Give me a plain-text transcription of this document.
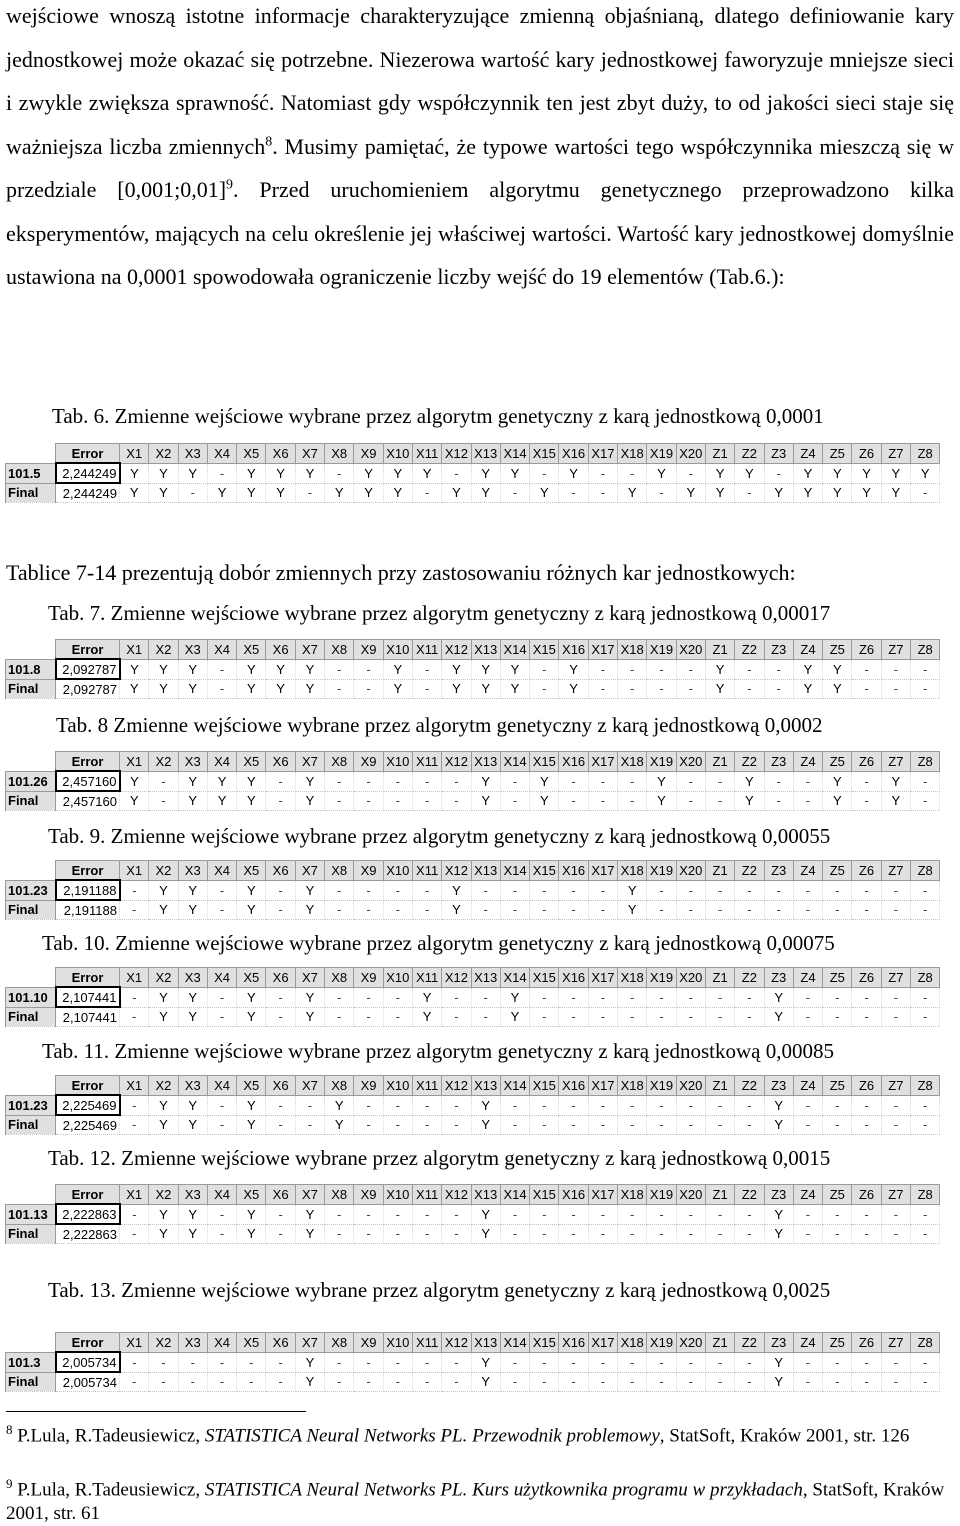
wejściowe wnoszą istotne informacje charakteryzujące zmienną objaśnianą, dlatego definiowanie kary jednostkowej może okazać się potrzebne. Niezerowa wartość kary jednostkowej faworyzuje mniejsze sieci i zwykle zwiększa sprawność. Natomiast gdy współczynnik ten jest zbyt duży, to od jakości sieci staje się ważniejsza liczba zmiennych$^8$. Musimy pamiętać, że typowe wartości tego współczynnika mieszczą się w przedziale [0,001;0,01]$^9$. Przed uruchomieniem algorytmu genetycznego przeprowadzono kilka eksperymentów, mających na celu określenie jej właściwej wartości. Wartość kary jednostkowej domyślnie ustawiona na 0,0001 spowodowała ograniczenie liczby wejść do 19 elementów (Tab.6.):

Tab. 6. Zmienne wejściowe wybrane przez algorytm genetyczny z karą jednostkową 0,0001

	Error	X1	X2	X3	X4	X5	X6	X7	X8	X9	X10	X11	X12	X13	X14	X15	X16	X17	X18	X19	X20	Z1	Z2	Z3	Z4	Z5	Z6	Z7	Z8
101.5	2,244249	Y	Y	Y	-	Y	Y	Y	-	Y	Y	Y	-	Y	Y	-	Y	-	-	Y	-	Y	Y	-	Y	Y	Y	Y	Y
Final	2,244249	Y	Y	-	Y	Y	Y	-	Y	Y	Y	-	Y	Y	-	Y	-	-	Y	-	Y	Y	-	Y	Y	Y	Y	Y	-

Tablice 7-14 prezentują dobór zmiennych przy zastosowaniu różnych kar jednostkowych:

Tab. 7. Zmienne wejściowe wybrane przez algorytm genetyczny z karą jednostkową 0,00017

	Error	X1	X2	X3	X4	X5	X6	X7	X8	X9	X10	X11	X12	X13	X14	X15	X16	X17	X18	X19	X20	Z1	Z2	Z3	Z4	Z5	Z6	Z7	Z8
101.8	2,092787	Y	Y	Y	-	Y	Y	Y	-	-	Y	-	Y	Y	Y	-	Y	-	-	-	-	Y	-	-	Y	Y	-	-	-
Final	2,092787	Y	Y	Y	-	Y	Y	Y	-	-	Y	-	Y	Y	Y	-	Y	-	-	-	-	Y	-	-	Y	Y	-	-	-

Tab. 8 Zmienne wejściowe wybrane przez algorytm genetyczny z karą jednostkową 0,0002

	Error	X1	X2	X3	X4	X5	X6	X7	X8	X9	X10	X11	X12	X13	X14	X15	X16	X17	X18	X19	X20	Z1	Z2	Z3	Z4	Z5	Z6	Z7	Z8
101.26	2,457160	Y	-	Y	Y	Y	-	Y	-	-	-	-	-	Y	-	Y	-	-	-	Y	-	-	Y	-	-	Y	-	Y	-
Final	2,457160	Y	-	Y	Y	Y	-	Y	-	-	-	-	-	Y	-	Y	-	-	-	Y	-	-	Y	-	-	Y	-	Y	-

Tab. 9. Zmienne wejściowe wybrane przez algorytm genetyczny z karą jednostkową 0,00055

	Error	X1	X2	X3	X4	X5	X6	X7	X8	X9	X10	X11	X12	X13	X14	X15	X16	X17	X18	X19	X20	Z1	Z2	Z3	Z4	Z5	Z6	Z7	Z8
101.23	2,191188	-	Y	Y	-	Y	-	Y	-	-	-	-	Y	-	-	-	-	-	Y	-	-	-	-	-	-	-	-	-	-
Final	2,191188	-	Y	Y	-	Y	-	Y	-	-	-	-	Y	-	-	-	-	-	Y	-	-	-	-	-	-	-	-	-	-

Tab. 10. Zmienne wejściowe wybrane przez algorytm genetyczny z karą jednostkową 0,00075

	Error	X1	X2	X3	X4	X5	X6	X7	X8	X9	X10	X11	X12	X13	X14	X15	X16	X17	X18	X19	X20	Z1	Z2	Z3	Z4	Z5	Z6	Z7	Z8
101.10	2,107441	-	Y	Y	-	Y	-	Y	-	-	-	Y	-	-	Y	-	-	-	-	-	-	-	-	Y	-	-	-	-	-
Final	2,107441	-	Y	Y	-	Y	-	Y	-	-	-	Y	-	-	Y	-	-	-	-	-	-	-	-	Y	-	-	-	-	-

Tab. 11. Zmienne wejściowe wybrane przez algorytm genetyczny z karą jednostkową 0,00085

	Error	X1	X2	X3	X4	X5	X6	X7	X8	X9	X10	X11	X12	X13	X14	X15	X16	X17	X18	X19	X20	Z1	Z2	Z3	Z4	Z5	Z6	Z7	Z8
101.23	2,225469	-	Y	Y	-	Y	-	-	Y	-	-	-	-	Y	-	-	-	-	-	-	-	-	-	Y	-	-	-	-	-
Final	2,225469	-	Y	Y	-	Y	-	-	Y	-	-	-	-	Y	-	-	-	-	-	-	-	-	-	Y	-	-	-	-	-

Tab. 12. Zmienne wejściowe wybrane przez algorytm genetyczny z karą jednostkową 0,0015

	Error	X1	X2	X3	X4	X5	X6	X7	X8	X9	X10	X11	X12	X13	X14	X15	X16	X17	X18	X19	X20	Z1	Z2	Z3	Z4	Z5	Z6	Z7	Z8
101.13	2,222863	-	Y	Y	-	Y	-	Y	-	-	-	-	-	Y	-	-	-	-	-	-	-	-	-	Y	-	-	-	-	-
Final	2,222863	-	Y	Y	-	Y	-	Y	-	-	-	-	-	Y	-	-	-	-	-	-	-	-	-	Y	-	-	-	-	-

Tab. 13. Zmienne wejściowe wybrane przez algorytm genetyczny z karą jednostkową 0,0025

	Error	X1	X2	X3	X4	X5	X6	X7	X8	X9	X10	X11	X12	X13	X14	X15	X16	X17	X18	X19	X20	Z1	Z2	Z3	Z4	Z5	Z6	Z7	Z8
101.3	2,005734	-	-	-	-	-	-	Y	-	-	-	-	-	Y	-	-	-	-	-	-	-	-	-	Y	-	-	-	-	-
Final	2,005734	-	-	-	-	-	-	Y	-	-	-	-	-	Y	-	-	-	-	-	-	-	-	-	Y	-	-	-	-	-

$^8$ P.Lula, R.Tadeusiewicz, STATISTICA Neural Networks PL. Przewodnik problemowy, StatSoft, Kraków 2001, str. 126

$^9$ P.Lula, R.Tadeusiewicz, STATISTICA Neural Networks PL. Kurs użytkownika programu w przykładach, StatSoft, Kraków 2001, str. 61
